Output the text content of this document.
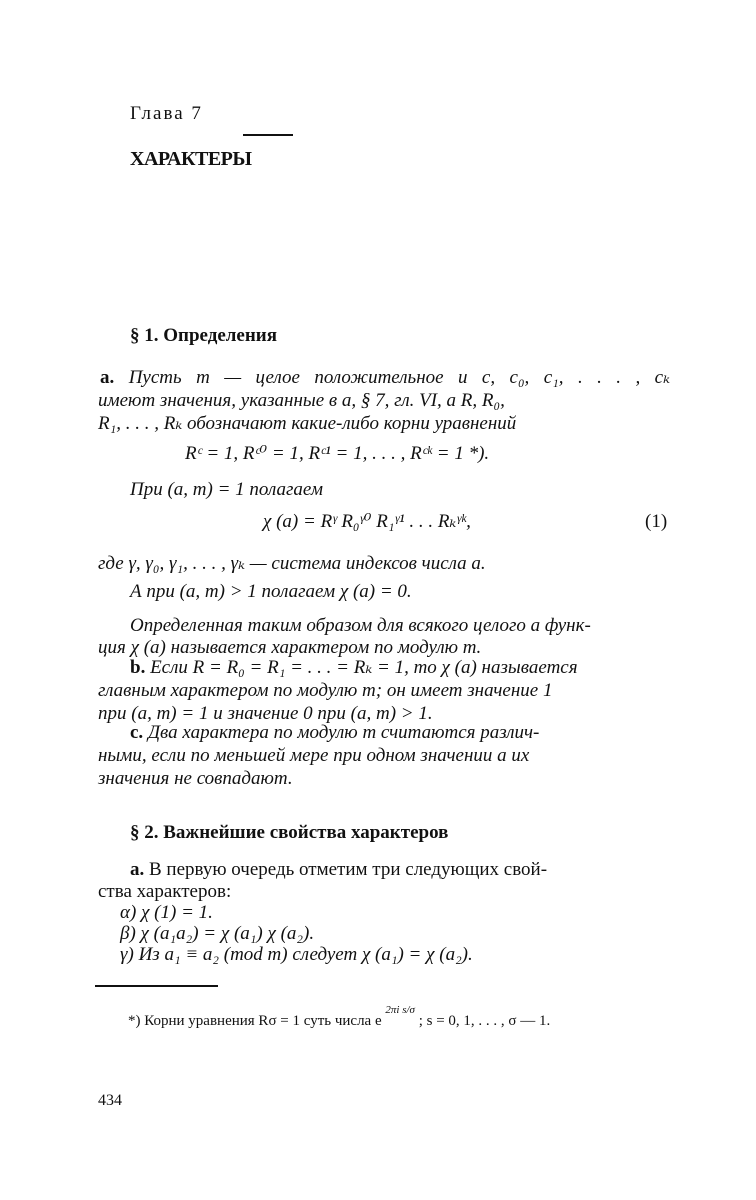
Глава 7
ХАРАКТЕРЫ
§ 1. Определения
а. Пусть m — целое положительное и c, c₀, c₁, . . . , cₖ
имеют значения, указанные в а, § 7, гл. VI, а R, R₀,
R₁, . . . , Rₖ обозначают какие-либо корни уравнений
Rᶜ = 1, Rᶜ⁰ = 1, Rᶜ¹ = 1, . . . , Rᶜᵏ = 1 *).
При (a, m) = 1 полагаем
χ (a) = Rᵞ R₀ᵞ⁰ R₁ᵞ¹ . . . Rₖᵞᵏ,	(1)
где γ, γ₀, γ₁, . . . , γₖ — система индексов числа a.
А при (a, m) > 1 полагаем χ (a) = 0.
Определенная таким образом для всякого целого a функ-
ция χ (a) называется характером по модулю m.
b. Если R = R₀ = R₁ = . . . = Rₖ = 1, то χ (a) называется
главным характером по модулю m; он имеет значение 1
при (a, m) = 1 и значение 0 при (a, m) > 1.
с. Два характера по модулю m считаются различ-
ными, если по меньшей мере при одном значении a их
значения не совпадают.
§ 2. Важнейшие свойства характеров
а. В первую очередь отметим три следующих свой-
ства характеров:
α) χ (1) = 1.
β) χ (a₁a₂) = χ (a₁) χ (a₂).
γ) Из a₁ ≡ a₂ (mod m) следует χ (a₁) = χ (a₂).
*) Корни уравнения Rσ = 1 суть числа e $^{2\pi i s/\sigma}$ ; s = 0, 1, . . . , σ — 1.
434
